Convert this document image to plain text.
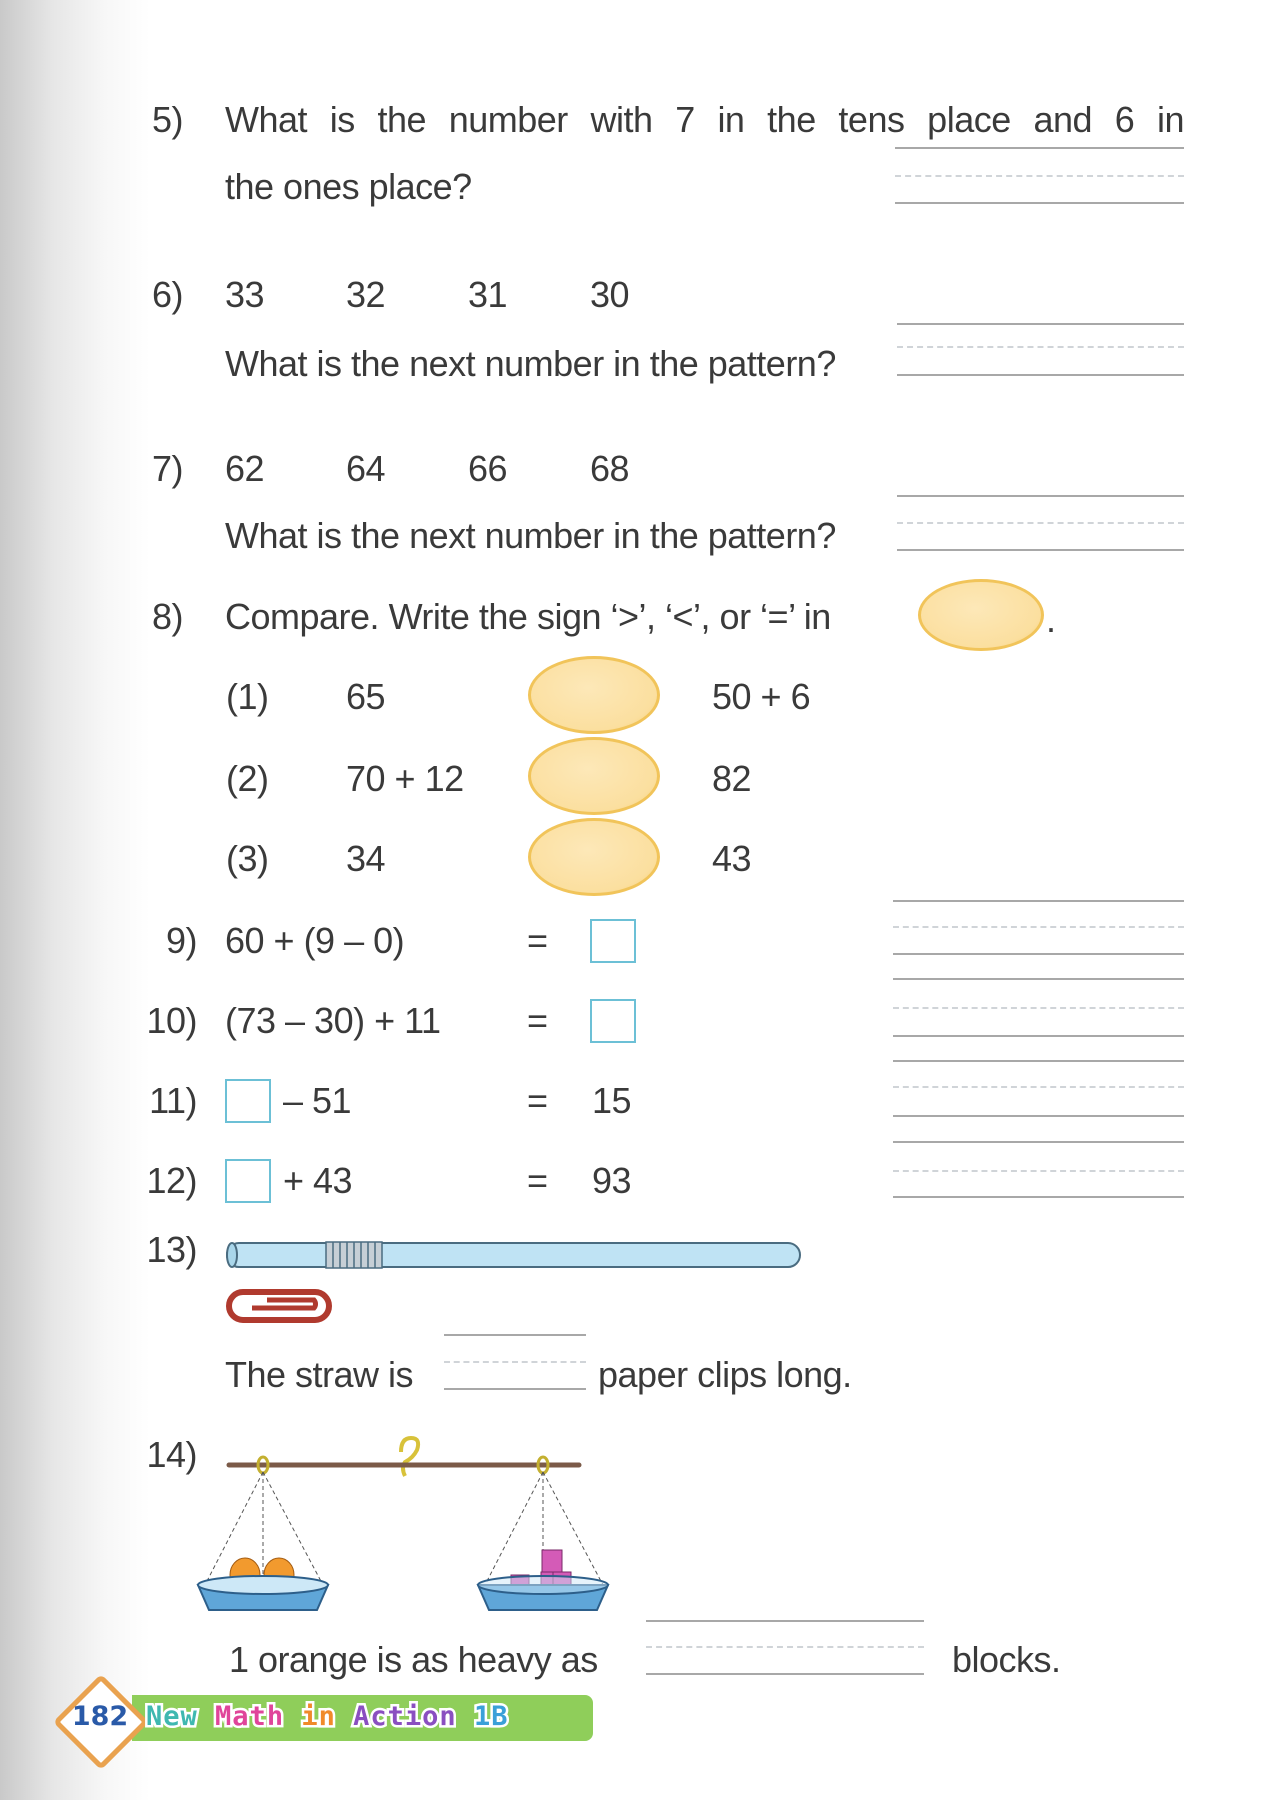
5) What is the number with 7 in the tens place and 6 in
the ones place?
6) 33 32 31 30
What is the next number in the pattern?
7) 62 64 66 68
What is the next number in the pattern?
8) Compare. Write the sign ‘>’, ‘<’, or ‘=’ in	.
(1) 65	50 + 6
(2) 70 + 12	82
(3) 34	43
9) 60 + (9 – 0)	=
10) (73 – 30) + 11 =
11) – 51	= 15
12) + 43	= 93
13)
The straw is	paper clips long.
14)
1 orange is as heavy as	blocks.
182 New Math in Action 1B
